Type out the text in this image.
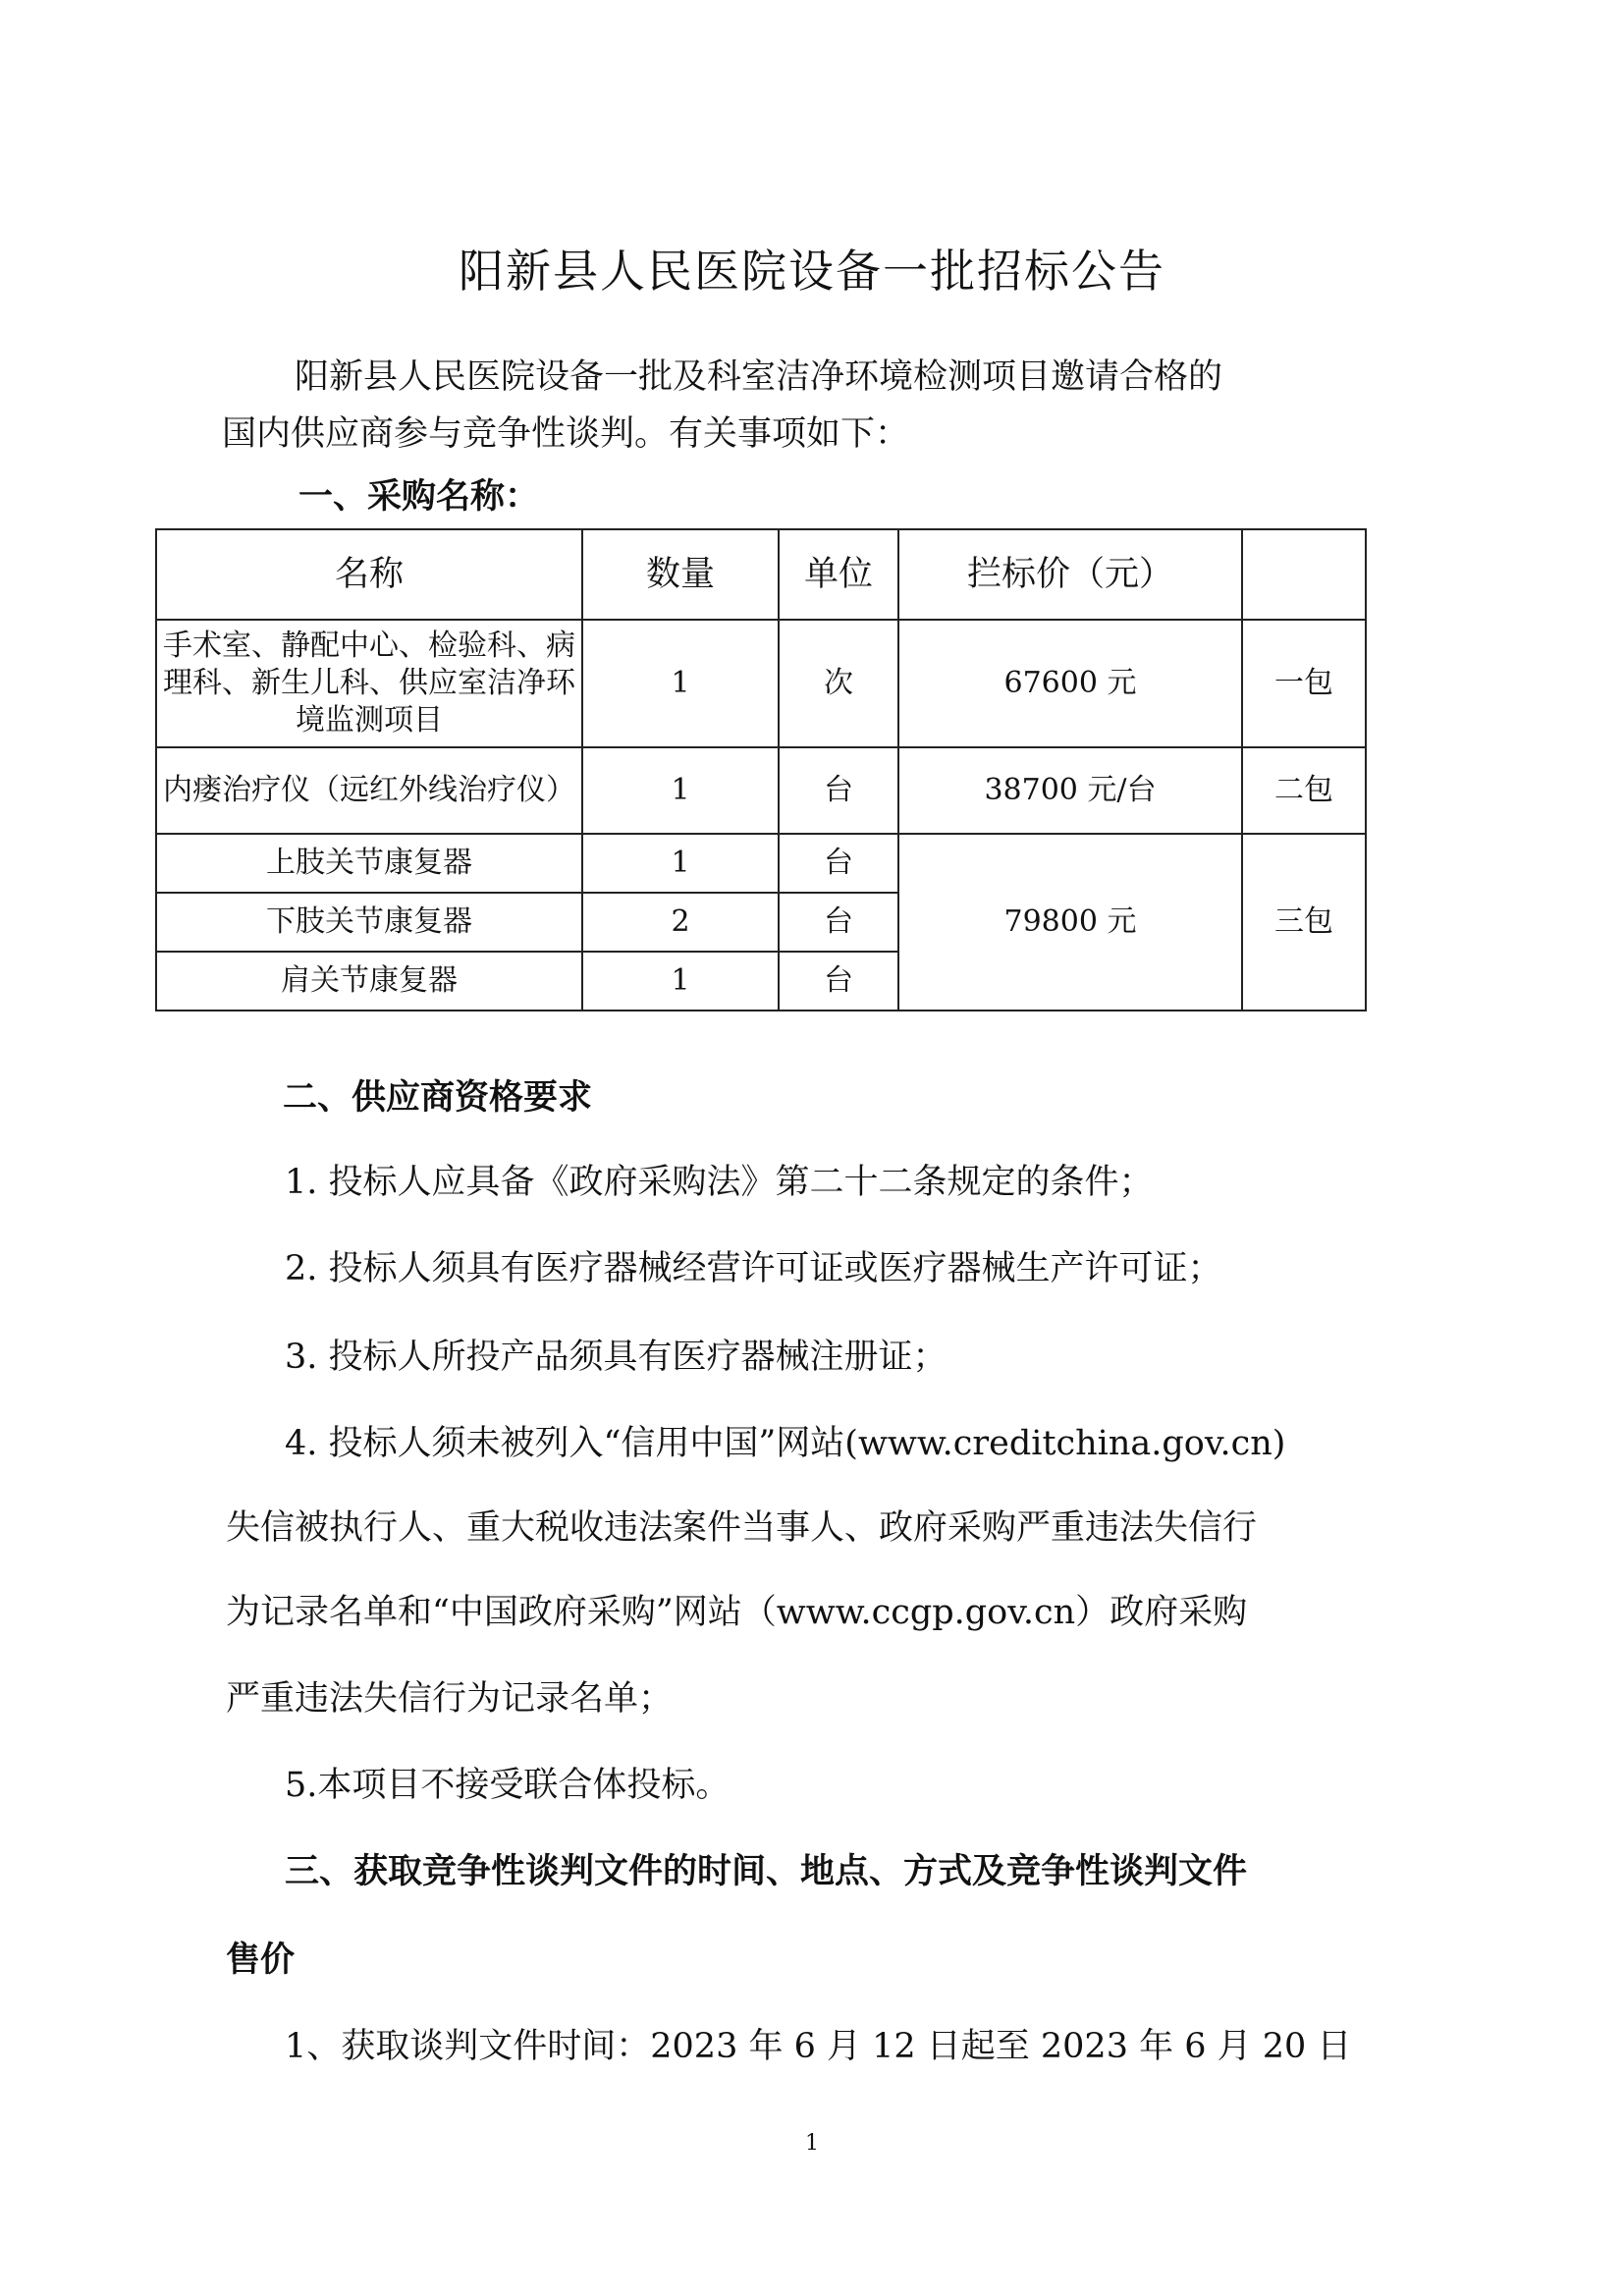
阳新县人民医院设备一批招标公告
阳新县人民医院设备一批及科室洁净环境检测项目邀请合格的
国内供应商参与竞争性谈判。有关事项如下：
一、采购名称：
名称	数量	单位	拦标价（元）	
手术室、静配中心、检验科、病理科、新生儿科、供应室洁净环境监测项目	1	次	67600 元	一包
内瘘治疗仪（远红外线治疗仪）	1	台	38700 元/台	二包
上肢关节康复器	1	台	79800 元	三包
下肢关节康复器	2	台		
肩关节康复器	1	台		
二、供应商资格要求
1. 投标人应具备《政府采购法》第二十二条规定的条件；
2. 投标人须具有医疗器械经营许可证或医疗器械生产许可证；
3. 投标人所投产品须具有医疗器械注册证；
4. 投标人须未被列入“信用中国”网站(www.creditchina.gov.cn)
失信被执行人、重大税收违法案件当事人、政府采购严重违法失信行
为记录名单和“中国政府采购”网站（www.ccgp.gov.cn）政府采购
严重违法失信行为记录名单；
5.本项目不接受联合体投标。
三、获取竞争性谈判文件的时间、地点、方式及竞争性谈判文件
售价
1、获取谈判文件时间：2023 年 6 月 12 日起至 2023 年 6 月 20 日
1
